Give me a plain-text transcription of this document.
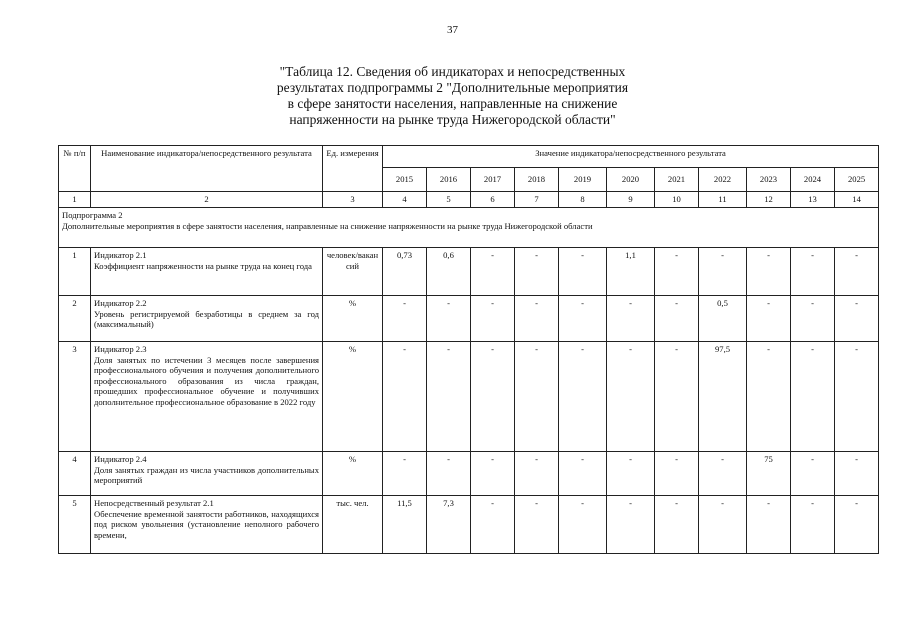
37
"Таблица 12. Сведения об индикаторах и непосредственных
результатах подпрограммы 2 "Дополнительные мероприятия
в сфере занятости населения, направленные на снижение
напряженности на рынке труда Нижегородской области"
№ п/п	Наименование индикатора/непосредственного результата	Ед. измерения	Значение индикатора/непосредственного результата										
			2015	2016	2017	2018	2019	2020	2021	2022	2023	2024	2025
1	2	3	4	5	6	7	8	9	10	11	12	13	14

Подпрограмма 2
Дополнительные мероприятия в сфере занятости населения, направленные на снижение напряженности на рынке труда Нижегородской области													

1	Индикатор 2.1
Коэффициент напряженности на рынке труда на конец года	человек/вакансий	0,73	0,6	-	-	-	1,1	-	-	-	-	-
2	Индикатор 2.2
Уровень регистрируемой безработицы в среднем за год (максимальный)	%	-	-	-	-	-	-	-	0,5	-	-	-
3	Индикатор 2.3
Доля занятых по истечении 3 месяцев после завершения профессионального обучения и получения дополнительного профессионального образования из числа граждан, прошедших профессиональное обучение и получивших дополнительное профессиональное образование в 2022 году	%	-	-	-	-	-	-	-	97,5	-	-	-
4	Индикатор 2.4
Доля занятых граждан из числа участников дополнительных мероприятий	%	-	-	-	-	-	-	-	-	75	-	-
5	Непосредственный результат 2.1
Обеспечение временной занятости работников, находящихся под риском увольнения (установление неполного рабочего времени,	тыс. чел.	11,5	7,3	-	-	-	-	-	-	-	-	-
